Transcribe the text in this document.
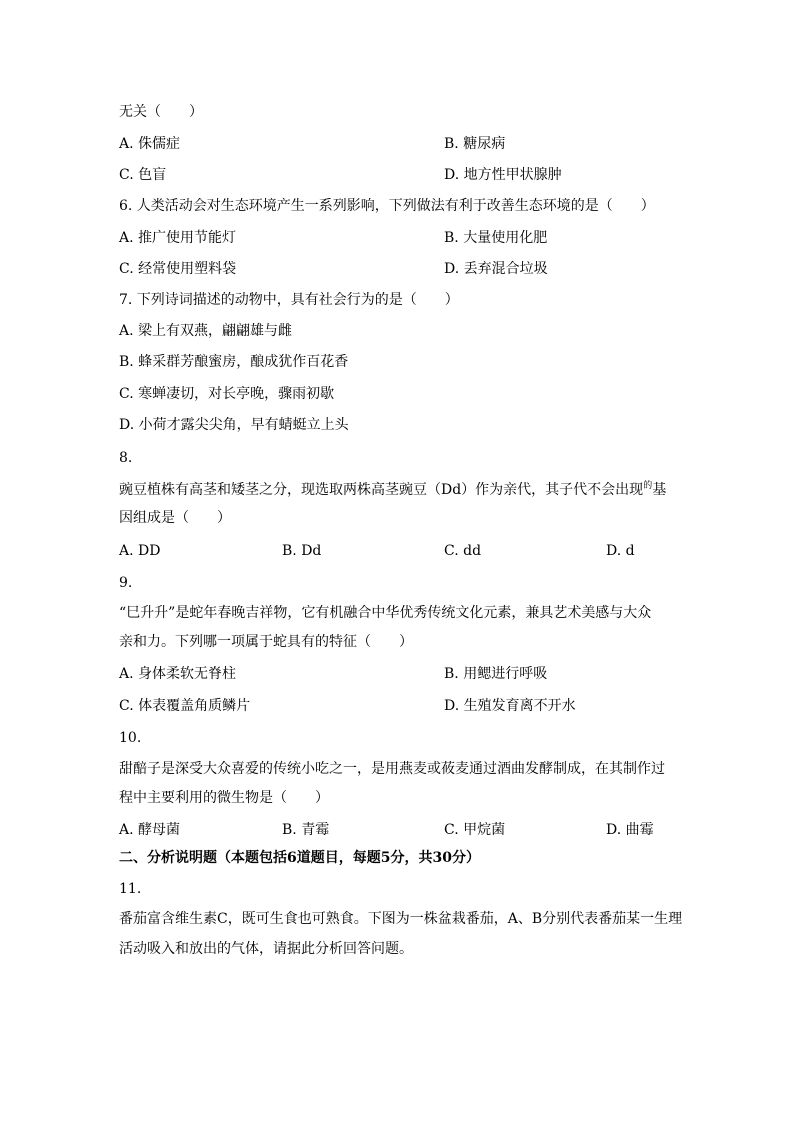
无关（　　）
A. 侏儒症	B. 糖尿病
C. 色盲	D. 地方性甲状腺肿
6. 人类活动会对生态环境产生一系列影响，下列做法有利于改善生态环境的是（　　）
A. 推广使用节能灯	B. 大量使用化肥
C. 经常使用塑料袋	D. 丢弃混合垃圾
7. 下列诗词描述的动物中，具有社会行为的是（　　）
A. 梁上有双燕，翩翩雄与雌
B. 蜂采群芳酿蜜房，酿成犹作百花香
C. 寒蝉凄切，对长亭晚，骤雨初歇
D. 小荷才露尖尖角，早有蜻蜓立上头
8.
豌豆植株有高茎和矮茎之分，现选取两株高茎豌豆（Dd）作为亲代，其子代不会出现$^的$基
因组成是（　　）
A. DD	B. Dd	C. dd	D. d
9.
“巳升升”是蛇年春晚吉祥物，它有机融合中华优秀传统文化元素，兼具艺术美感与大众
亲和力。下列哪一项属于蛇具有的特征（　　）
A. 身体柔软无脊柱	B. 用鳃进行呼吸
C. 体表覆盖角质鳞片	D. 生殖发育离不开水
10.
甜醅子是深受大众喜爱的传统小吃之一，是用燕麦或莜麦通过酒曲发酵制成，在其制作过
程中主要利用的微生物是（　　）
A. 酵母菌	B. 青霉	C. 甲烷菌	D. 曲霉
二、分析说明题（本题包括6道题目，每题5分，共30分）
11.
番茄富含维生素C，既可生食也可熟食。下图为一株盆栽番茄，A、B分别代表番茄某一生理
活动吸入和放出的气体，请据此分析回答问题。
